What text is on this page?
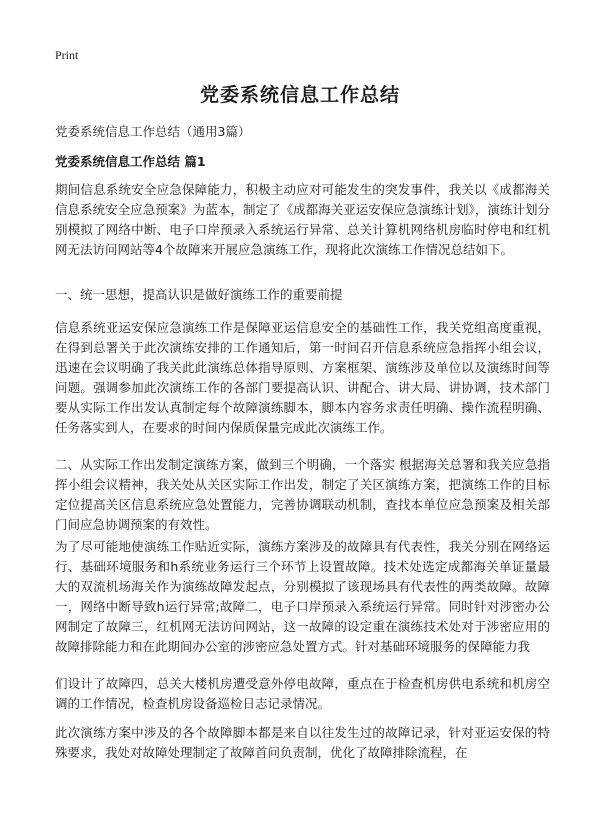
Print
党委系统信息工作总结
党委系统信息工作总结（通用3篇）
党委系统信息工作总结 篇1

期间信息系统安全应急保障能力，积极主动应对可能发生的突发事件，我关以《成都海关信息系统安全应急预案》为蓝本，制定了《成都海关亚运安保应急演练计划》，演练计划分别模拟了网络中断、电子口岸预录入系统运行异常、总关计算机网络机房临时停电和红机网无法访问网站等4个故障来开展应急演练工作，现将此次演练工作情况总结如下。

一、统一思想，提高认识是做好演练工作的重要前提

信息系统亚运安保应急演练工作是保障亚运信息安全的基础性工作，我关党组高度重视，在得到总署关于此次演练安排的工作通知后，第一时间召开信息系统应急指挥小组会议，迅速在会议明确了我关此此演练总体指导原则、方案框架、演练涉及单位以及演练时间等问题。强调参加此次演练工作的各部门要提高认识、讲配合、讲大局、讲协调，技术部门要从实际工作出发认真制定每个故障演练脚本，脚本内容务求责任明确、操作流程明确、任务落实到人，在要求的时间内保质保量完成此次演练工作。

二、从实际工作出发制定演练方案，做到三个明确，一个落实 根据海关总署和我关应急指挥小组会议精神，我关处从关区实际工作出发，制定了关区演练方案，把演练工作的目标定位提高关区信息系统应急处置能力，完善协调联动机制，查找本单位应急预案及相关部门间应急协调预案的有效性。

为了尽可能地使演练工作贴近实际，演练方案涉及的故障具有代表性，我关分别在网络运行、基础环境服务和h系统业务运行三个环节上设置故障。技术处选定成都海关单证量最大的双流机场海关作为演练故障发起点，分别模拟了该现场具有代表性的两类故障。故障一，网络中断导致h运行异常;故障二，电子口岸预录入系统运行异常。同时针对涉密办公网制定了故障三，红机网无法访问网站，这一故障的设定重在演练技术处对于涉密应用的故障排除能力和在此期间办公室的涉密应急处置方式。针对基础环境服务的保障能力我

们设计了故障四，总关大楼机房遭受意外停电故障，重点在于检查机房供电系统和机房空调的工作情况，检查机房设备巡检日志记录情况。

此次演练方案中涉及的各个故障脚本都是来自以往发生过的故障记录，针对亚运安保的特殊要求，我处对故障处理制定了故障首问负责制，优化了故障排除流程，在
